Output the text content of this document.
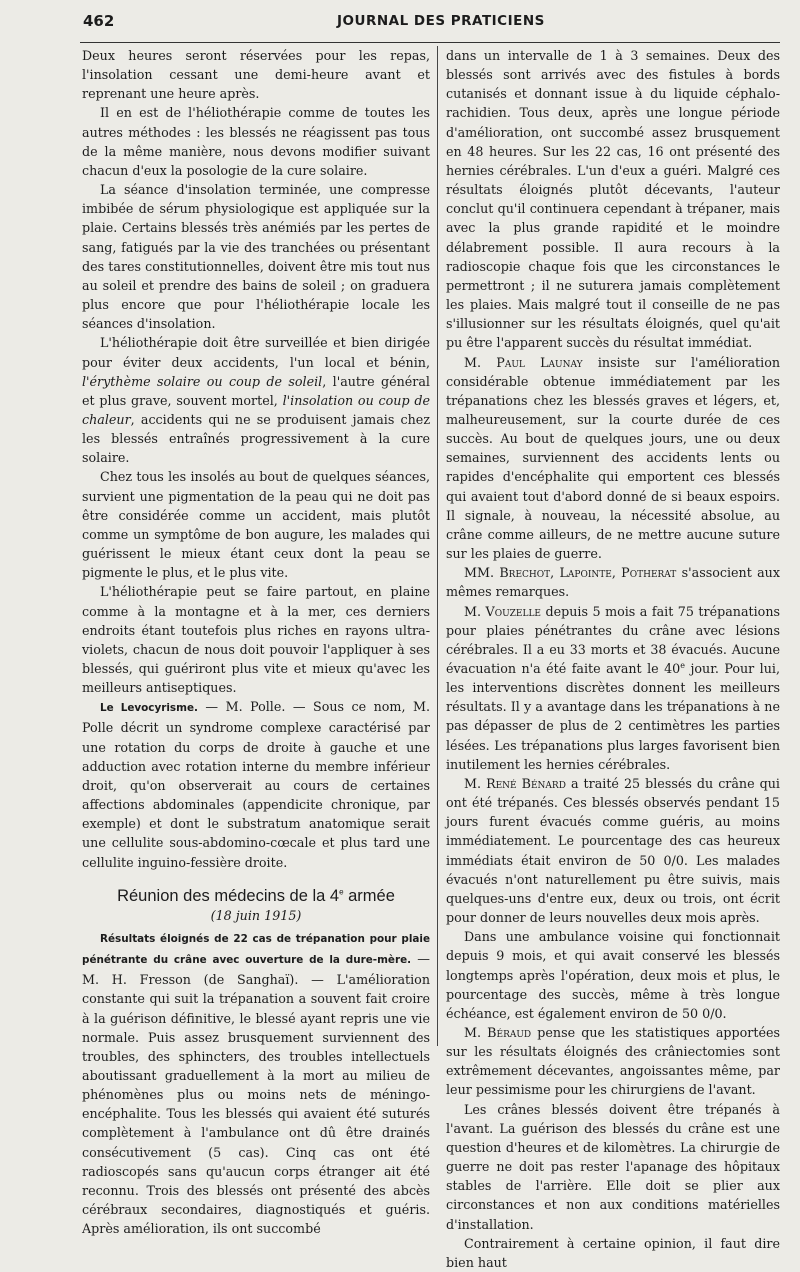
462	JOURNAL DES PRATICIENS

Deux heures seront réservées pour les repas, l'insolation cessant une demi-heure avant et reprenant une heure après.

Il en est de l'héliothérapie comme de toutes les autres méthodes : les blessés ne réagissent pas tous de la même manière, nous devons modifier suivant chacun d'eux la posologie de la cure solaire.

La séance d'insolation terminée, une compresse imbibée de sérum physiologique est appliquée sur la plaie. Certains blessés très anémiés par les pertes de sang, fatigués par la vie des tranchées ou présentant des tares constitutionnelles, doivent être mis tout nus au soleil et prendre des bains de soleil ; on graduera plus encore que pour l'héliothérapie locale les séances d'insolation.

L'héliothérapie doit être surveillée et bien dirigée pour éviter deux accidents, l'un local et bénin, l'érythème solaire ou coup de soleil, l'autre général et plus grave, souvent mortel, l'insolation ou coup de chaleur, accidents qui ne se produisent jamais chez les blessés entraînés progressivement à la cure solaire.

Chez tous les insolés au bout de quelques séances, survient une pigmentation de la peau qui ne doit pas être considérée comme un accident, mais plutôt comme un symptôme de bon augure, les malades qui guérissent le mieux étant ceux dont la peau se pigmente le plus, et le plus vite.

L'héliothérapie peut se faire partout, en plaine comme à la montagne et à la mer, ces derniers endroits étant toutefois plus riches en rayons ultra-violets, chacun de nous doit pouvoir l'appliquer à ses blessés, qui guériront plus vite et mieux qu'avec les meilleurs antiseptiques.

Le Levocyrisme. — M. Polle. — Sous ce nom, M. Polle décrit un syndrome complexe caractérisé par une rotation du corps de droite à gauche et une adduction avec rotation interne du membre inférieur droit, qu'on observerait au cours de certaines affections abdominales (appendicite chronique, par exemple) et dont le substratum anatomique serait une cellulite sous-abdomino-cœcale et plus tard une cellulite inguino-fessière droite.

Réunion des médecins de la 4e armée

(18 juin 1915)

Résultats éloignés de 22 cas de trépanation pour plaie pénétrante du crâne avec ouverture de la dure-mère. — M. H. Fresson (de Sanghaï). — L'amélioration constante qui suit la trépanation a souvent fait croire à la guérison définitive, le blessé ayant repris une vie normale. Puis assez brusquement surviennent des troubles, des sphincters, des troubles intellectuels aboutissant graduellement à la mort au milieu de phénomènes plus ou moins nets de méningo-encéphalite. Tous les blessés qui avaient été suturés complètement à l'ambulance ont dû être drainés consécutivement (5 cas). Cinq cas ont été radioscopés sans qu'aucun corps étranger ait été reconnu. Trois des blessés ont présenté des abcès cérébraux secondaires, diagnostiqués et guéris. Après amélioration, ils ont succombé

dans un intervalle de 1 à 3 semaines. Deux des blessés sont arrivés avec des fistules à bords cutanisés et donnant issue à du liquide céphalo-rachidien. Tous deux, après une longue période d'amélioration, ont succombé assez brusquement en 48 heures. Sur les 22 cas, 16 ont présenté des hernies cérébrales. L'un d'eux a guéri. Malgré ces résultats éloignés plutôt décevants, l'auteur conclut qu'il continuera cependant à trépaner, mais avec la plus grande rapidité et le moindre délabrement possible. Il aura recours à la radioscopie chaque fois que les circonstances le permettront ; il ne suturera jamais complètement les plaies. Mais malgré tout il conseille de ne pas s'illusionner sur les résultats éloignés, quel qu'ait pu être l'apparent succès du résultat immédiat.

M. Paul Launay insiste sur l'amélioration considérable obtenue immédiatement par les trépanations chez les blessés graves et légers, et, malheureusement, sur la courte durée de ces succès. Au bout de quelques jours, une ou deux semaines, surviennent des accidents lents ou rapides d'encéphalite qui emportent ces blessés qui avaient tout d'abord donné de si beaux espoirs. Il signale, à nouveau, la nécessité absolue, au crâne comme ailleurs, de ne mettre aucune suture sur les plaies de guerre.

MM. Brechot, Lapointe, Potherat s'associent aux mêmes remarques.

M. Vouzelle depuis 5 mois a fait 75 trépanations pour plaies pénétrantes du crâne avec lésions cérébrales. Il a eu 33 morts et 38 évacués. Aucune évacuation n'a été faite avant le 40e jour. Pour lui, les interventions discrètes donnent les meilleurs résultats. Il y a avantage dans les trépanations à ne pas dépasser de plus de 2 centimètres les parties lésées. Les trépanations plus larges favorisent bien inutilement les hernies cérébrales.

M. René Bénard a traité 25 blessés du crâne qui ont été trépanés. Ces blessés observés pendant 15 jours furent évacués comme guéris, au moins immédiatement. Le pourcentage des cas heureux immédiats était environ de 50 0/0. Les malades évacués n'ont naturellement pu être suivis, mais quelques-uns d'entre eux, deux ou trois, ont écrit pour donner de leurs nouvelles deux mois après.

Dans une ambulance voisine qui fonctionnait depuis 9 mois, et qui avait conservé les blessés longtemps après l'opération, deux mois et plus, le pourcentage des succès, même à très longue échéance, est également environ de 50 0/0.

M. Béraud pense que les statistiques apportées sur les résultats éloignés des crâniectomies sont extrêmement décevantes, angoissantes même, par leur pessimisme pour les chirurgiens de l'avant.

Les crânes blessés doivent être trépanés à l'avant. La guérison des blessés du crâne est une question d'heures et de kilomètres. La chirurgie de guerre ne doit pas rester l'apanage des hôpitaux stables de l'arrière. Elle doit se plier aux circonstances et non aux conditions matérielles d'installation.

Contrairement à certaine opinion, il faut dire bien haut
